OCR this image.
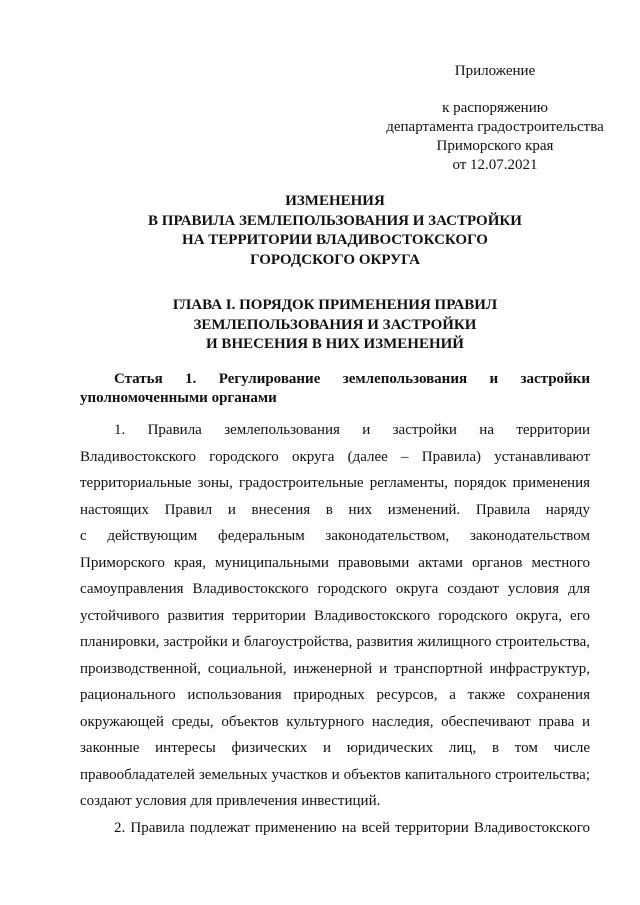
Приложение
к распоряжению
департамента градостроительства
Приморского края
от 12.07.2021
ИЗМЕНЕНИЯ
В ПРАВИЛА ЗЕМЛЕПОЛЬЗОВАНИЯ И ЗАСТРОЙКИ
НА ТЕРРИТОРИИ ВЛАДИВОСТОКСКОГО
ГОРОДСКОГО ОКРУГА
ГЛАВА I. ПОРЯДОК ПРИМЕНЕНИЯ ПРАВИЛ
ЗЕМЛЕПОЛЬЗОВАНИЯ И ЗАСТРОЙКИ
И ВНЕСЕНИЯ В НИХ ИЗМЕНЕНИЙ
Статья 1. Регулирование землепользования и застройки
уполномоченными органами
1. Правила землепользования и застройки на территории
Владивостокского городского округа (далее – Правила) устанавливают
территориальные зоны, градостроительные регламенты, порядок применения
настоящих Правил и внесения в них изменений. Правила наряду
с действующим федеральным законодательством, законодательством
Приморского края, муниципальными правовыми актами органов местного
самоуправления Владивостокского городского округа создают условия для
устойчивого развития территории Владивостокского городского округа, его
планировки, застройки и благоустройства, развития жилищного строительства,
производственной, социальной, инженерной и транспортной инфраструктур,
рационального использования природных ресурсов, а также сохранения
окружающей среды, объектов культурного наследия, обеспечивают права и
законные интересы физических и юридических лиц, в том числе
правообладателей земельных участков и объектов капитального строительства;
создают условия для привлечения инвестиций.
2. Правила подлежат применению на всей территории Владивостокского
